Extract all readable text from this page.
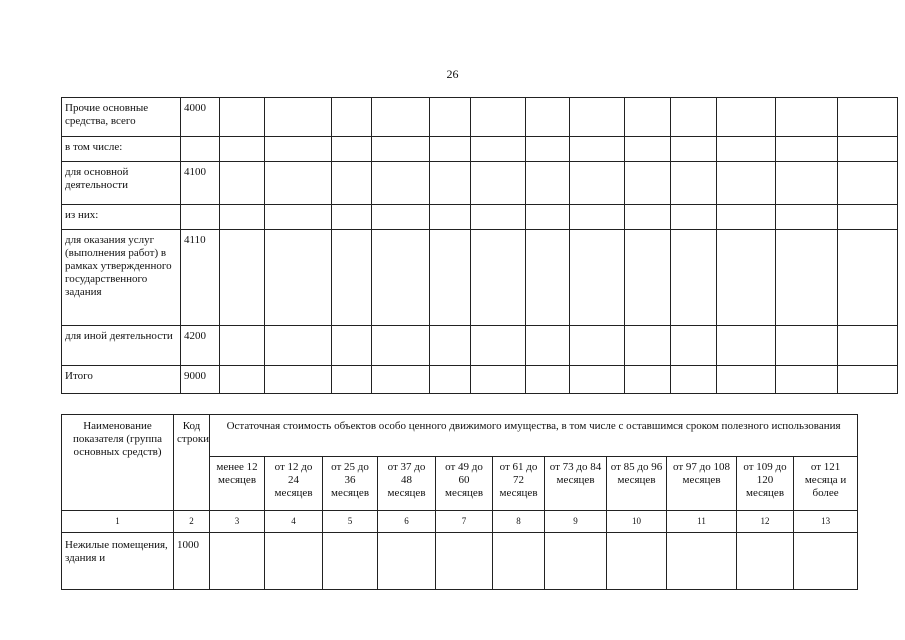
26
Прочие основные средства, всего	4000													
в том числе:														
для основной деятельности	4100													
из них:														
для оказания услуг (выполнения работ) в рамках утвержденного государственного задания	4110													
для иной деятельности	4200													
Итого	9000													
Наименование показателя (группа основных средств)	Код строки	Остаточная стоимость объектов особо ценного движимого имущества, в том числе с оставшимся сроком полезного использования										
		менее 12 месяцев	от 12 до 24 месяцев	от 25 до 36 месяцев	от 37 до 48 месяцев	от 49 до 60 месяцев	от 61 до 72 месяцев	от 73 до 84 месяцев	от 85 до 96 месяцев	от 97 до 108 месяцев	от 109 до 120 месяцев	от 121 месяца и более
1	2	3	4	5	6	7	8	9	10	11	12	13
Нежилые помещения, здания и	1000											
